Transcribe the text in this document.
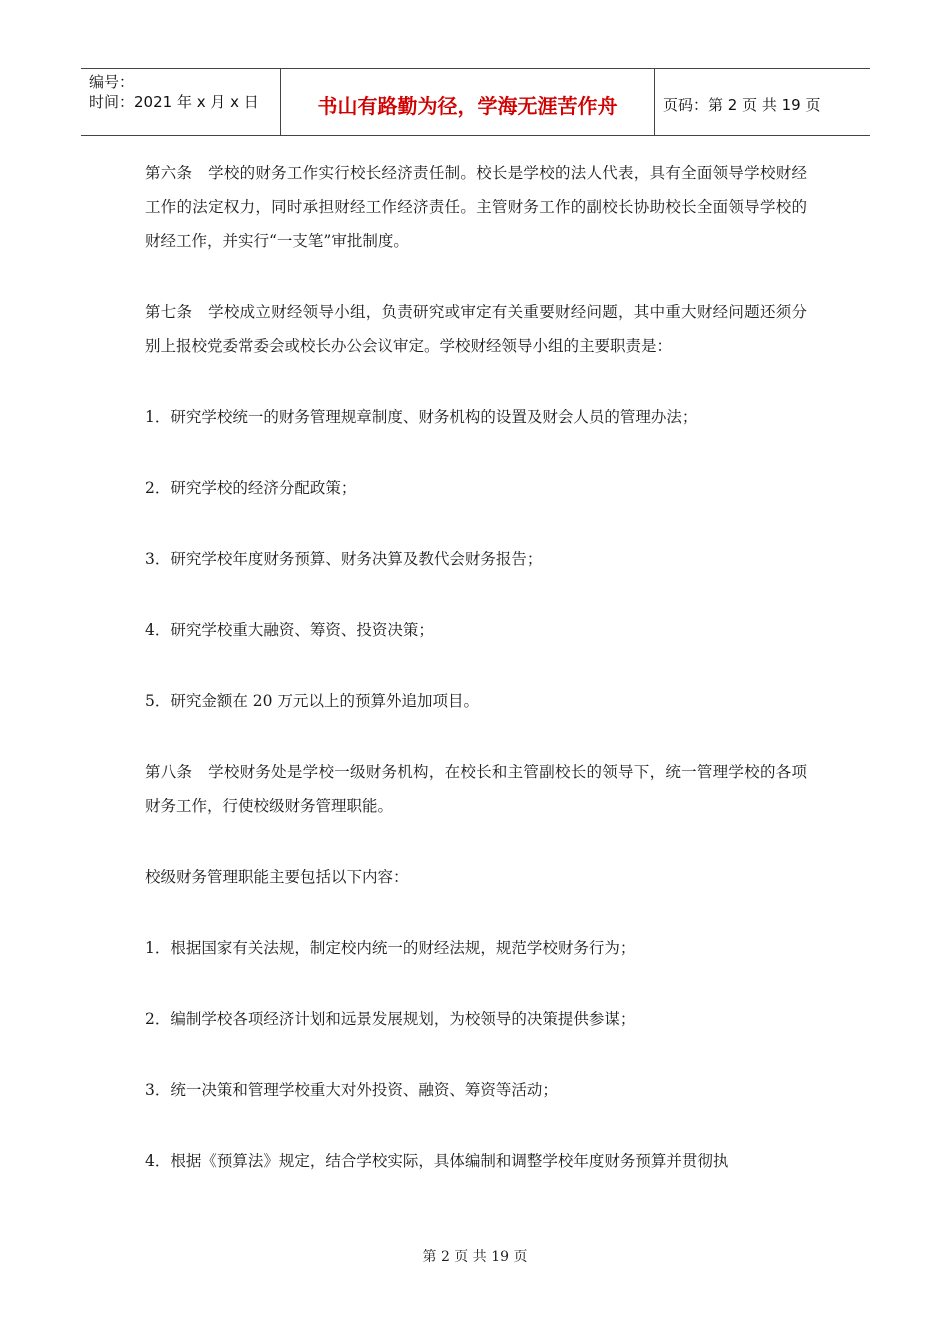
编号：
时间：2021 年 x 月 x 日	书山有路勤为径，学海无涯苦作舟	页码：第 2 页 共 19 页

第六条　学校的财务工作实行校长经济责任制。校长是学校的法人代表，具有全面领导学校财经工作的法定权力，同时承担财经工作经济责任。主管财务工作的副校长协助校长全面领导学校的财经工作，并实行“一支笔”审批制度。

第七条　学校成立财经领导小组，负责研究或审定有关重要财经问题，其中重大财经问题还须分别上报校党委常委会或校长办公会议审定。学校财经领导小组的主要职责是：

1．研究学校统一的财务管理规章制度、财务机构的设置及财会人员的管理办法；

2．研究学校的经济分配政策；

3．研究学校年度财务预算、财务决算及教代会财务报告；

4．研究学校重大融资、筹资、投资决策；

5．研究金额在 20 万元以上的预算外追加项目。

第八条　学校财务处是学校一级财务机构，在校长和主管副校长的领导下，统一管理学校的各项财务工作，行使校级财务管理职能。

校级财务管理职能主要包括以下内容：

1．根据国家有关法规，制定校内统一的财经法规，规范学校财务行为；

2．编制学校各项经济计划和远景发展规划，为校领导的决策提供参谋；

3．统一决策和管理学校重大对外投资、融资、筹资等活动；

4．根据《预算法》规定，结合学校实际，具体编制和调整学校年度财务预算并贯彻执

第 2 页 共 19 页
